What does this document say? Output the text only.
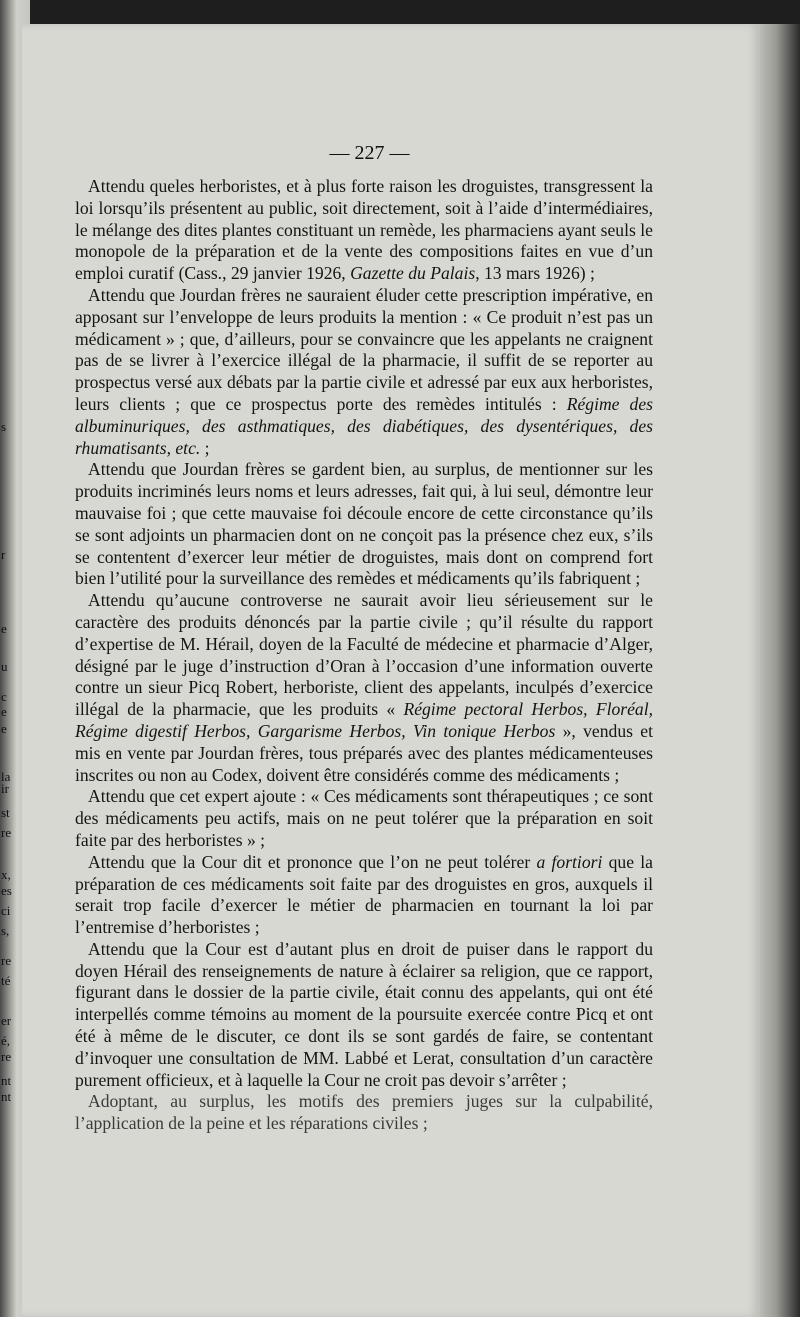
s
r
e
u
c
e
e
la
ir
st
re
x,
es
ci
s,
re
té
er
é,
re
nt
nt
— 227 —

Attendu queles herboristes, et à plus forte raison les droguistes, transgressent la loi lorsqu’ils présentent au public, soit directement, soit à l’aide d’intermédiaires, le mélange des dites plantes constituant un remède, les pharmaciens ayant seuls le monopole de la préparation et de la vente des compositions faites en vue d’un emploi curatif (Cass., 29 janvier 1926, Gazette du Palais, 13 mars 1926) ;

Attendu que Jourdan frères ne sauraient éluder cette prescription impérative, en apposant sur l’enveloppe de leurs produits la mention : « Ce produit n’est pas un médicament » ; que, d’ailleurs, pour se convaincre que les appelants ne craignent pas de se livrer à l’exercice illégal de la pharmacie, il suffit de se reporter au prospectus versé aux débats par la partie civile et adressé par eux aux herboristes, leurs clients ; que ce prospectus porte des remèdes intitulés : Régime des albuminuriques, des asthmatiques, des diabétiques, des dysentériques, des rhumatisants, etc. ;

Attendu que Jourdan frères se gardent bien, au surplus, de mentionner sur les produits incriminés leurs noms et leurs adresses, fait qui, à lui seul, démontre leur mauvaise foi ; que cette mauvaise foi découle encore de cette circonstance qu’ils se sont adjoints un pharmacien dont on ne conçoit pas la présence chez eux, s’ils se contentent d’exercer leur métier de droguistes, mais dont on comprend fort bien l’utilité pour la surveillance des remèdes et médicaments qu’ils fabriquent ;

Attendu qu’aucune controverse ne saurait avoir lieu sérieusement sur le caractère des produits dénoncés par la partie civile ; qu’il résulte du rapport d’expertise de M. Hérail, doyen de la Faculté de médecine et pharmacie d’Alger, désigné par le juge d’instruction d’Oran à l’occasion d’une information ouverte contre un sieur Picq Robert, herboriste, client des appelants, inculpés d’exercice illégal de la pharmacie, que les produits « Régime pectoral Herbos, Floréal, Régime digestif Herbos, Gargarisme Herbos, Vin tonique Herbos », vendus et mis en vente par Jourdan frères, tous préparés avec des plantes médicamenteuses inscrites ou non au Codex, doivent être considérés comme des médicaments ;

Attendu que cet expert ajoute : « Ces médicaments sont thérapeutiques ; ce sont des médicaments peu actifs, mais on ne peut tolérer que la préparation en soit faite par des herboristes » ;

Attendu que la Cour dit et prononce que l’on ne peut tolérer a fortiori que la préparation de ces médicaments soit faite par des droguistes en gros, auxquels il serait trop facile d’exercer le métier de pharmacien en tournant la loi par l’entremise d’herboristes ;

Attendu que la Cour est d’autant plus en droit de puiser dans le rapport du doyen Hérail des renseignements de nature à éclairer sa religion, que ce rapport, figurant dans le dossier de la partie civile, était connu des appelants, qui ont été interpellés comme témoins au moment de la poursuite exercée contre Picq et ont été à même de le discuter, ce dont ils se sont gardés de faire, se contentant d’invoquer une consultation de MM. Labbé et Lerat, consultation d’un caractère purement officieux, et à laquelle la Cour ne croit pas devoir s’arrêter ;

Adoptant, au surplus, les motifs des premiers juges sur la culpabilité, l’application de la peine et les réparations civiles ;
